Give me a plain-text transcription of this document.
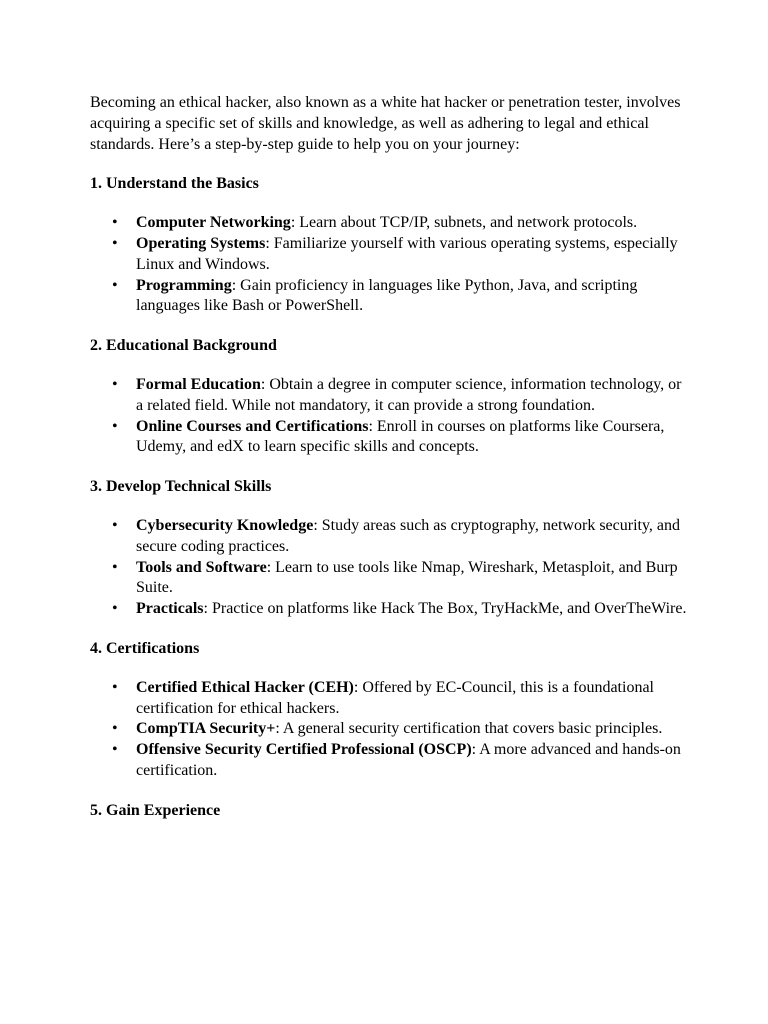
Becoming an ethical hacker, also known as a white hat hacker or penetration tester, involves acquiring a specific set of skills and knowledge, as well as adhering to legal and ethical standards. Here’s a step-by-step guide to help you on your journey:

1. Understand the Basics

• Computer Networking: Learn about TCP/IP, subnets, and network protocols.
• Operating Systems: Familiarize yourself with various operating systems, especially Linux and Windows.
• Programming: Gain proficiency in languages like Python, Java, and scripting languages like Bash or PowerShell.

2. Educational Background

• Formal Education: Obtain a degree in computer science, information technology, or a related field. While not mandatory, it can provide a strong foundation.
• Online Courses and Certifications: Enroll in courses on platforms like Coursera, Udemy, and edX to learn specific skills and concepts.

3. Develop Technical Skills

• Cybersecurity Knowledge: Study areas such as cryptography, network security, and secure coding practices.
• Tools and Software: Learn to use tools like Nmap, Wireshark, Metasploit, and Burp Suite.
• Practicals: Practice on platforms like Hack The Box, TryHackMe, and OverTheWire.

4. Certifications

• Certified Ethical Hacker (CEH): Offered by EC-Council, this is a foundational certification for ethical hackers.
• CompTIA Security+: A general security certification that covers basic principles.
• Offensive Security Certified Professional (OSCP): A more advanced and hands-on certification.

5. Gain Experience
